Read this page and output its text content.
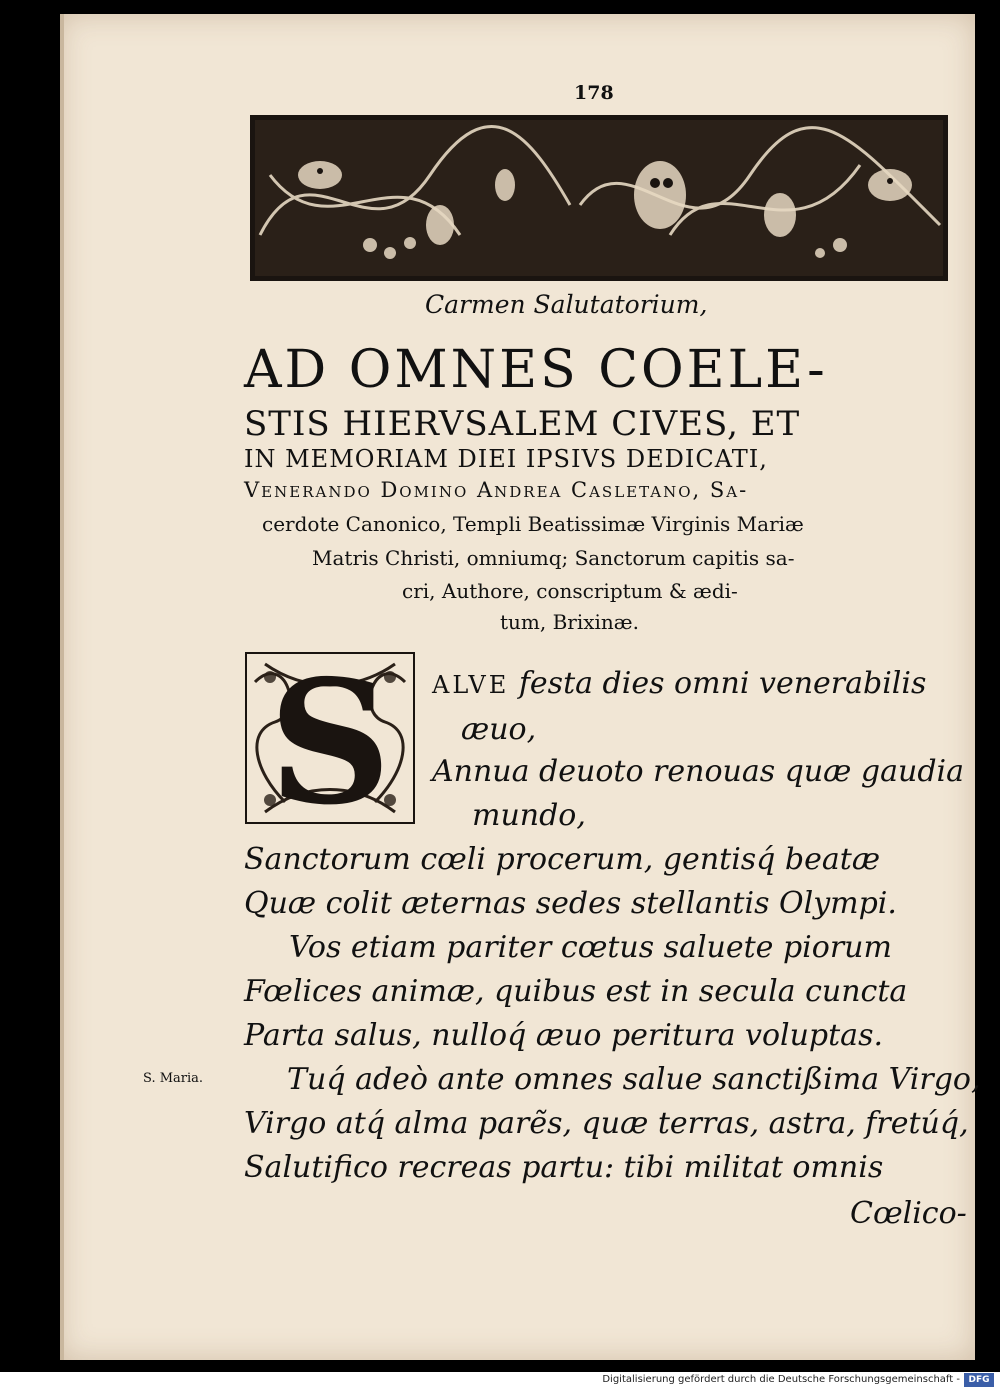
178
Carmen Salutatorium,
AD OMNES COELE-
STIS HIERVSALEM CIVES, ET
IN MEMORIAM DIEI IPSIVS DEDICATI,
Venerando Domino Andrea Casletano, Sa-
cerdote Canonico, Templi Beatissimæ Virginis Mariæ
Matris Christi, omniumq; Sanctorum capitis sa-
cri, Authore, conscriptum & ædi-
tum, Brixinæ.
S ALVE festa dies omni venerabilis
æuo,
Annua deuoto renouas quæ gaudia
mundo,
Sanctorum cœli procerum, gentisq́ beatæ
Quæ colit æternas sedes stellantis Olympi.
Vos etiam pariter cœtus saluete piorum
Fœlices animæ, quibus est in secula cuncta
Parta salus, nulloq́ æuo peritura voluptas.
Tuq́ adeò ante omnes salue sanctißima Virgo,
Virgo atq́ alma parẽs, quæ terras, astra, fretúq́,
Salutifico recreas partu: tibi militat omnis
Cœlico-
S. Maria.
Digitalisierung gefördert durch die Deutsche Forschungsgemeinschaft - DFG
